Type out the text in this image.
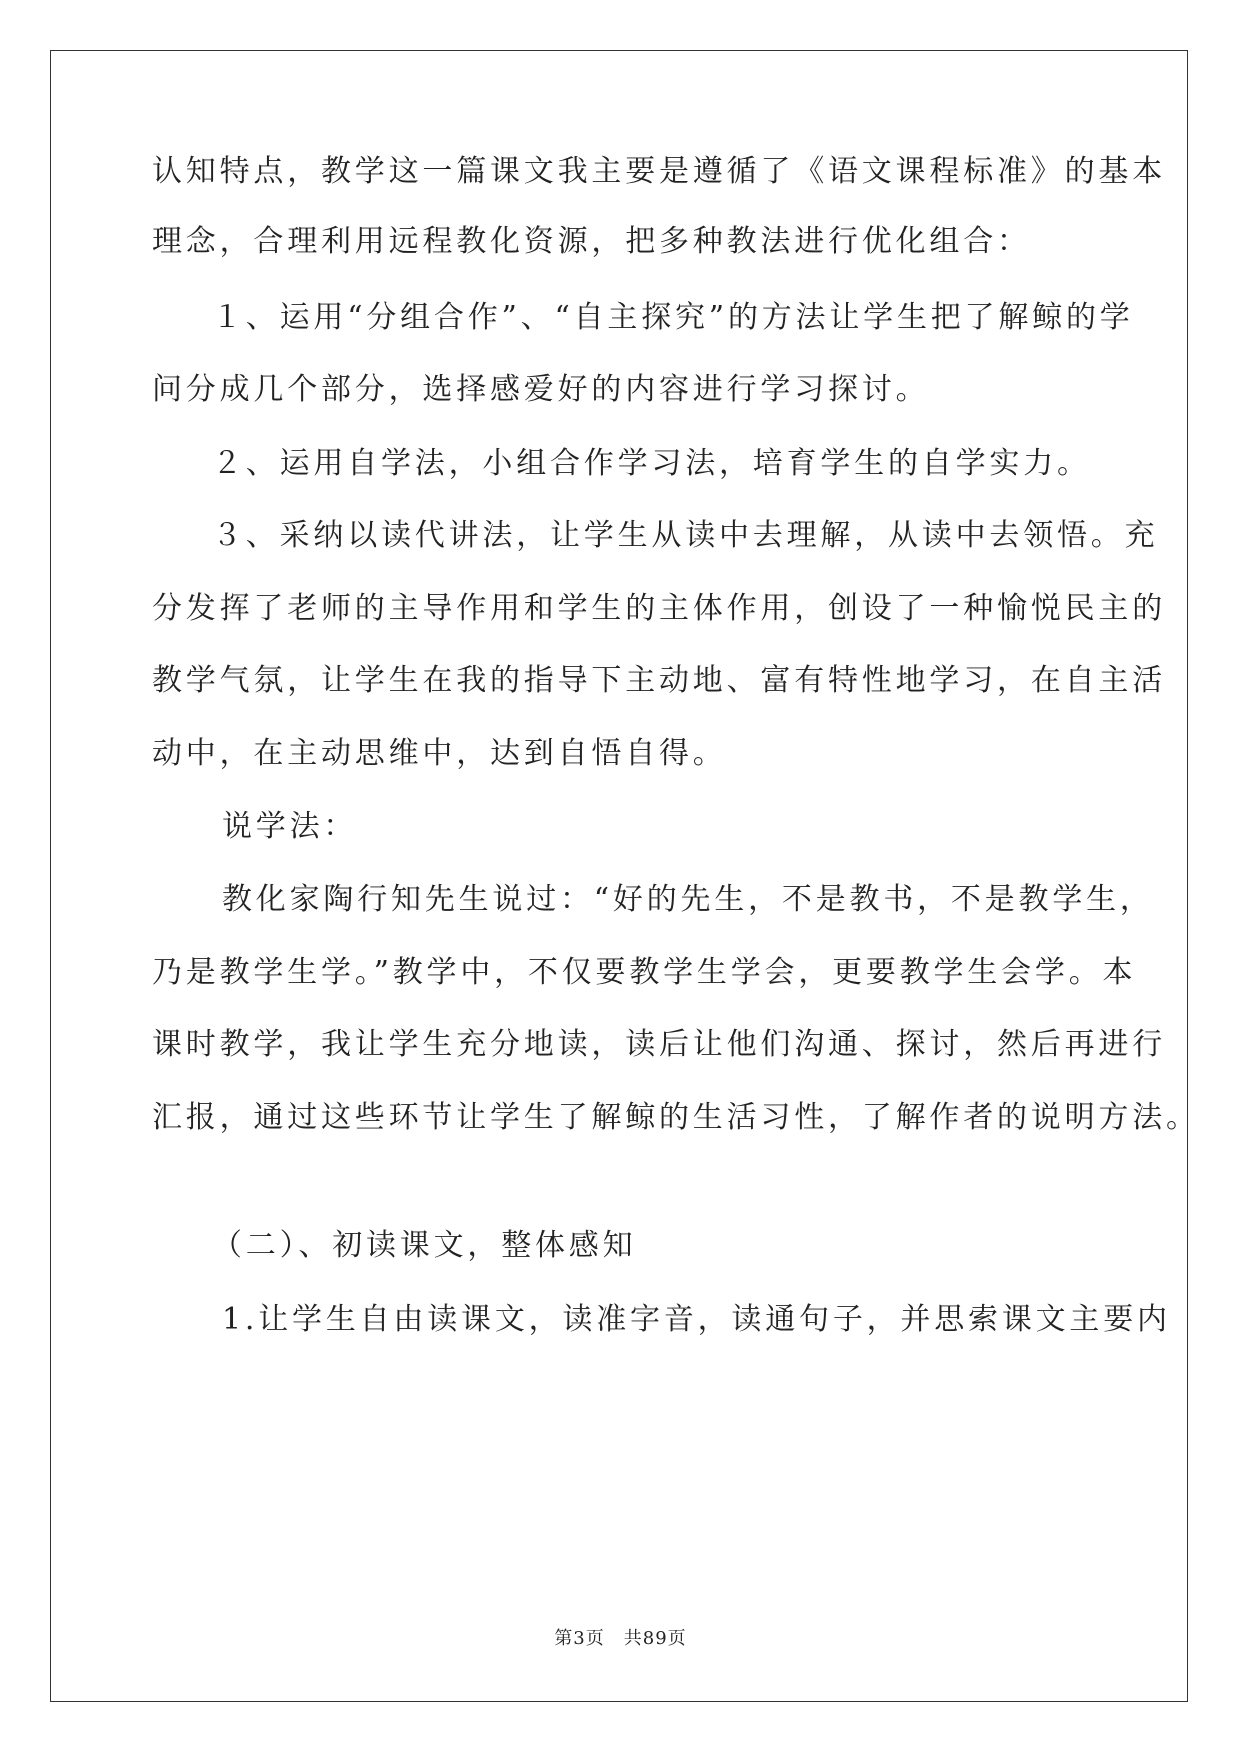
认知特点，教学这一篇课文我主要是遵循了《语文课程标准》的基本
理念，合理利用远程教化资源，把多种教法进行优化组合：
１、运用“分组合作”、“自主探究”的方法让学生把了解鲸的学
问分成几个部分，选择感爱好的内容进行学习探讨。
２、运用自学法，小组合作学习法，培育学生的自学实力。
３、采纳以读代讲法，让学生从读中去理解，从读中去领悟。充
分发挥了老师的主导作用和学生的主体作用，创设了一种愉悦民主的
教学气氛，让学生在我的指导下主动地、富有特性地学习，在自主活
动中，在主动思维中，达到自悟自得。
说学法：
教化家陶行知先生说过：“好的先生，不是教书，不是教学生，
乃是教学生学。”教学中，不仅要教学生学会，更要教学生会学。本
课时教学，我让学生充分地读，读后让他们沟通、探讨，然后再进行
汇报，通过这些环节让学生了解鲸的生活习性，了解作者的说明方法。
（二）、初读课文，整体感知
1.让学生自由读课文，读准字音，读通句子，并思索课文主要内
第3页　共89页
